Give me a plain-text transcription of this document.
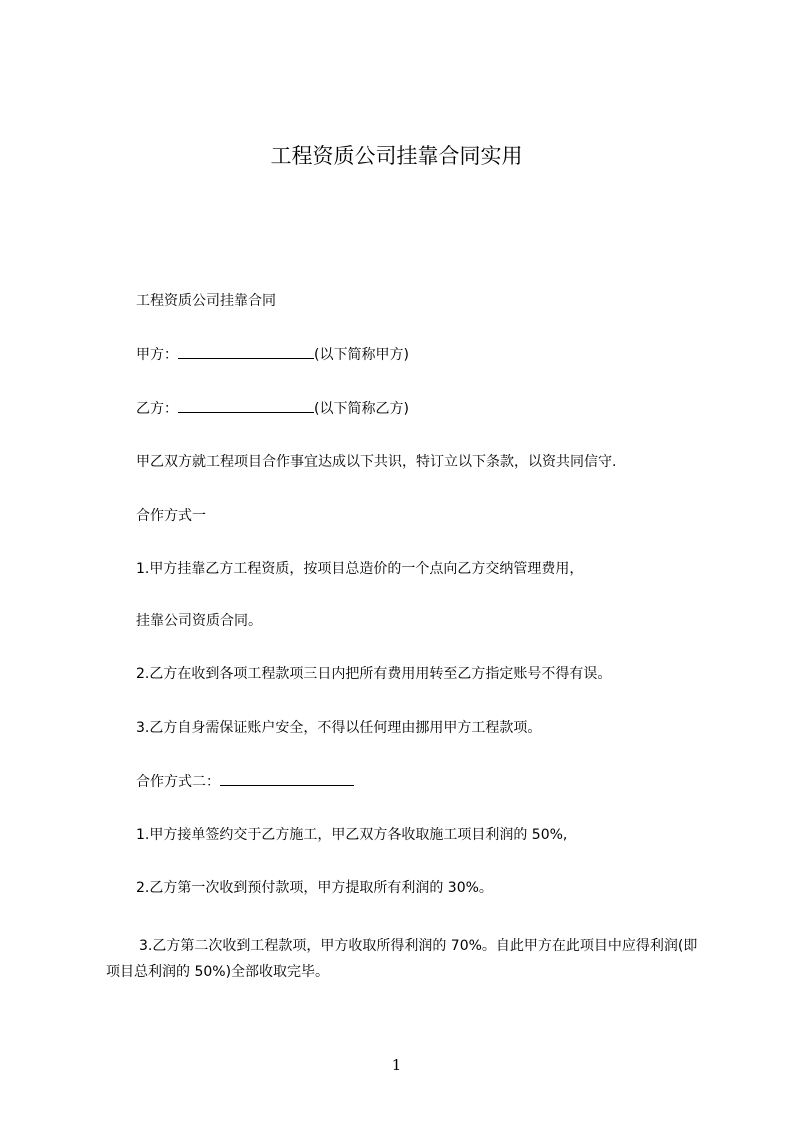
工程资质公司挂靠合同实用
工程资质公司挂靠合同
甲方：	(以下简称甲方)
乙方：	(以下简称乙方)
甲乙双方就工程项目合作事宜达成以下共识，特订立以下条款，以资共同信守.
合作方式一
1.甲方挂靠乙方工程资质，按项目总造价的一个点向乙方交纳管理费用，
挂靠公司资质合同。
2.乙方在收到各项工程款项三日内把所有费用用转至乙方指定账号不得有误。
3.乙方自身需保证账户安全，不得以任何理由挪用甲方工程款项。
合作方式二：
1.甲方接单签约交于乙方施工，甲乙双方各收取施工项目利润的 50%,
2.乙方第一次收到预付款项，甲方提取所有利润的 30%。
3.乙方第二次收到工程款项，甲方收取所得利润的 70%。自此甲方在此项目中应得利润(即项目总利润的 50%)全部收取完毕。
1
